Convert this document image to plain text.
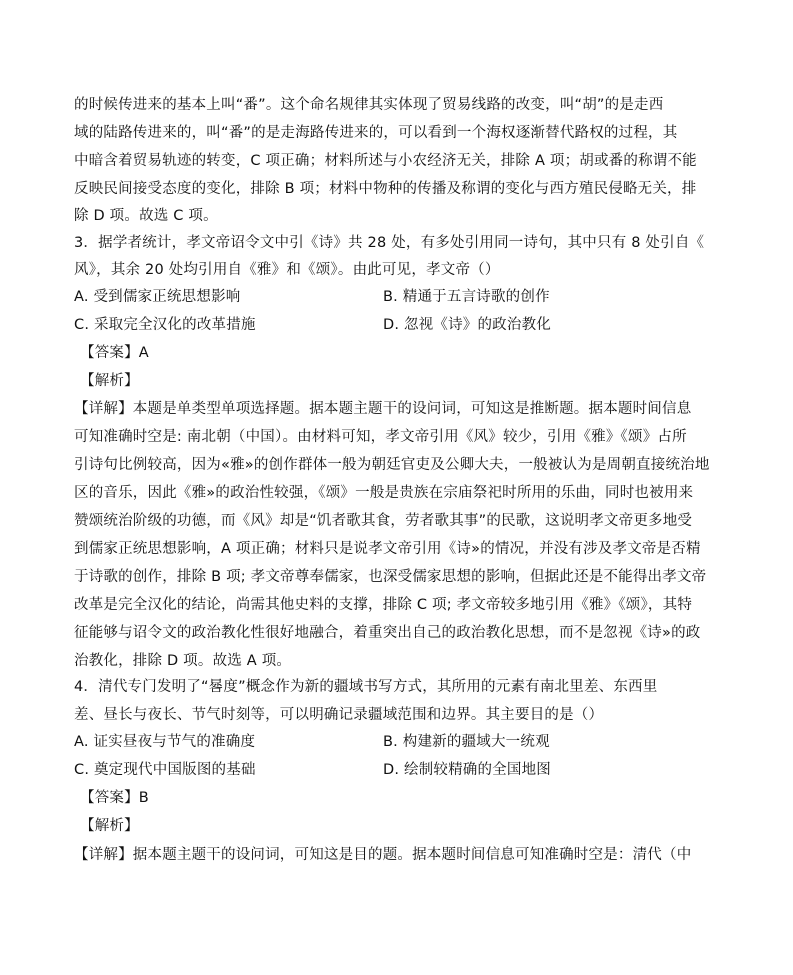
的时候传进来的基本上叫“番”。这个命名规律其实体现了贸易线路的改变，叫“胡”的是走西
域的陆路传进来的，叫“番”的是走海路传进来的，可以看到一个海权逐渐替代路权的过程，其
中暗含着贸易轨迹的转变，C 项正确；材料所述与小农经济无关，排除 A 项；胡或番的称谓不能
反映民间接受态度的变化，排除 B 项；材料中物种的传播及称谓的变化与西方殖民侵略无关，排
除 D 项。故选 C 项。
3．据学者统计，孝文帝诏令文中引《诗》共 28 处，有多处引用同一诗句，其中只有 8 处引自《
风》，其余 20 处均引用自《雅》和《颂》。由此可见，孝文帝（）
A. 受到儒家正统思想影响	B. 精通于五言诗歌的创作
C. 采取完全汉化的改革措施	D. 忽视《诗》的政治教化
【答案】A
【解析】
【详解】本题是单类型单项选择题。据本题主题干的设问词，可知这是推断题。据本题时间信息
可知准确时空是: 南北朝（中国）。由材料可知，孝文帝引用《风》较少，引用《雅》《颂》占所
引诗句比例较高，因为«雅»的创作群体一般为朝廷官吏及公卿大夫，一般被认为是周朝直接统治地
区的音乐，因此《雅»的政治性较强，《颂》一般是贵族在宗庙祭祀时所用的乐曲，同时也被用来
赞颂统治阶级的功德，而《风》却是“饥者歌其食，劳者歌其事”的民歌，这说明孝文帝更多地受
到儒家正统思想影响，A 项正确；材料只是说孝文帝引用《诗»的情况，并没有涉及孝文帝是否精
于诗歌的创作，排除 B 项; 孝文帝尊奉儒家，也深受儒家思想的影响，但据此还是不能得出孝文帝
改革是完全汉化的结论，尚需其他史料的支撑，排除 C 项; 孝文帝较多地引用《雅》《颂》，其特
征能够与诏令文的政治教化性很好地融合，着重突出自己的政治教化思想，而不是忽视《诗»的政
治教化，排除 D 项。故选 A 项。
4．清代专门发明了“晷度”概念作为新的疆域书写方式，其所用的元素有南北里差、东西里
差、昼长与夜长、节气时刻等，可以明确记录疆域范围和边界。其主要目的是（）
A. 证实昼夜与节气的准确度	B. 构建新的疆域大一统观
C. 奠定现代中国版图的基础	D. 绘制较精确的全国地图
【答案】B
【解析】
【详解】据本题主题干的设问词，可知这是目的题。据本题时间信息可知准确时空是：清代（中
